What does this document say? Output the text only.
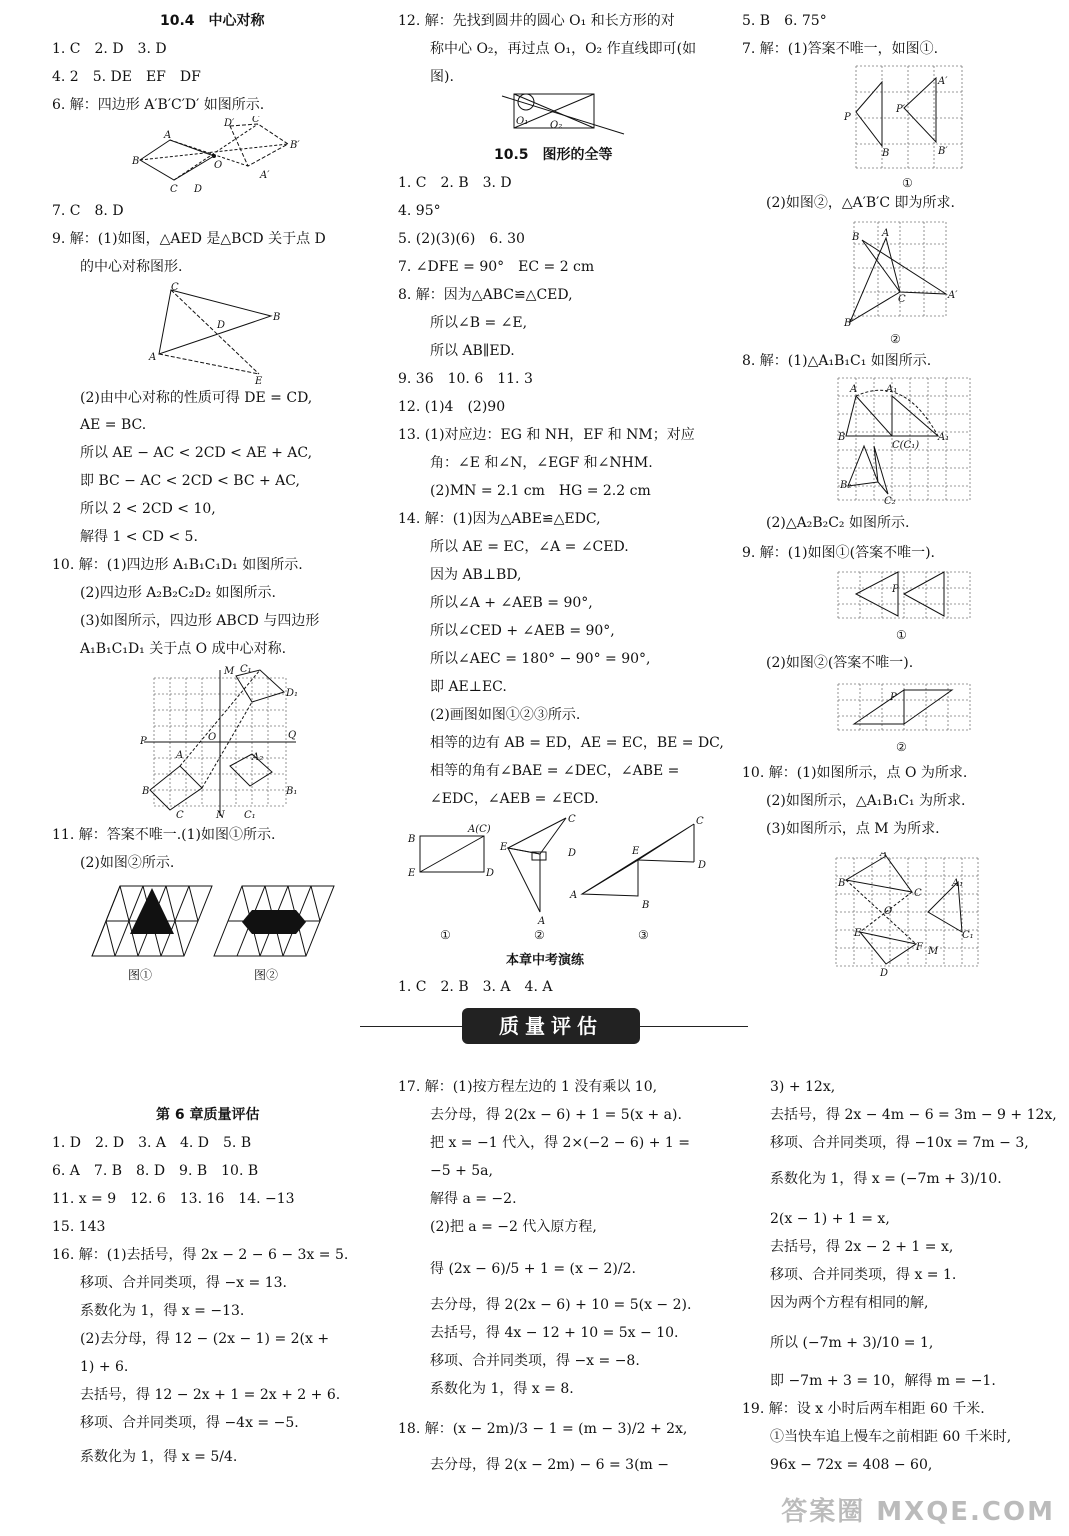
10.4　中心对称
1. C　2. D　3. D
4. 2　5. DE　EF　DF
6. 解：四边形 A′B′C′D′ 如图所示.
A
B
C D
D′ C
B′
A′
O
7. C　8. D
9. 解：(1)如图，△AED 是△BCD 关于点 D
的中心对称图形.
C
B
A
D
E
(2)由中心对称的性质可得 DE = CD,
AE = BC.
所以 AE − AC < 2CD < AE + AC,
即 BC − AC < 2CD < BC + AC,
所以 2 < 2CD < 10,
解得 1 < CD < 5.
10. 解：(1)四边形 A₁B₁C₁D₁ 如图所示.
(2)四边形 A₂B₂C₂D₂ 如图所示.
(3)如图所示，四边形 ABCD 与四边形
A₁B₁C₁D₁ 关于点 O 成中心对称.
M C₁
D₁
P
Q
O
A	A₂
B
C	N C₁
B₁
11. 解：答案不唯一.(1)如图①所示.
(2)如图②所示.
图①	图②
12. 解：先找到圆井的圆心 O₁ 和长方形的对
称中心 O₂，再过点 O₁，O₂ 作直线即可(如
图).
O₁ O₂
10.5　图形的全等
1. C　2. B　3. D
4. 95°
5. (2)(3)(6)　6. 30
7. ∠DFE = 90°　EC = 2 cm
8. 解：因为△ABC≌△CED,
所以∠B = ∠E,
所以 AB∥ED.
9. 36　10. 6　11. 3
12. (1)4　(2)90
13. (1)对应边：EG 和 NH，EF 和 NM；对应
角：∠E 和∠N，∠EGF 和∠NHM.
(2)MN = 2.1 cm　HG = 2.2 cm
14. 解：(1)因为△ABE≌△EDC,
所以 AE = EC，∠A = ∠CED.
因为 AB⊥BD,
所以∠A + ∠AEB = 90°,
所以∠CED + ∠AEB = 90°,
所以∠AEC = 180° − 90° = 90°,
即 AE⊥EC.
(2)画图如图①②③所示.
相等的边有 AB = ED，AE = EC，BE = DC,
相等的角有∠BAE = ∠DEC，∠ABE =
∠EDC，∠AEB = ∠ECD.
B
A(C)
E	D
E
C
D
A
E
C
D
A
B
①	②	③
本章中考演练
1. C　2. B　3. A　4. A
5. B　6. 75°
7. 解：(1)答案不唯一，如图①.
P
P′
A′
B	B′
①
(2)如图②，△A′B′C 即为所求.
B A
C	A′
B′
②
8. 解：(1)△A₁B₁C₁ 如图所示.
A	A₁
B	A₁
C(C₁)
B₂
C₂
(2)△A₂B₂C₂ 如图所示.
9. 解：(1)如图①(答案不唯一).
P
①
(2)如图②(答案不唯一).
P
②
10. 解：(1)如图所示，点 O 为所求.
(2)如图所示，△A₁B₁C₁ 为所求.
(3)如图所示，点 M 为所求.
A
B
C
A₁
O
C₁
E
F
D
M
质量评估
第 6 章质量评估
1. D　2. D　3. A　4. D　5. B
6. A　7. B　8. D　9. B　10. B
11. x = 9　12. 6　13. 16　14. −13
15. 143
16. 解：(1)去括号，得 2x − 2 − 6 − 3x = 5.
移项、合并同类项，得 −x = 13.
系数化为 1，得 x = −13.
(2)去分母，得 12 − (2x − 1) = 2(x +
1) + 6.
去括号，得 12 − 2x + 1 = 2x + 2 + 6.
移项、合并同类项，得 −4x = −5.
系数化为 1，得 x = 5/4.
17. 解：(1)按方程左边的 1 没有乘以 10,
去分母，得 2(2x − 6) + 1 = 5(x + a).
把 x = −1 代入，得 2×(−2 − 6) + 1 =
−5 + 5a,
解得 a = −2.
(2)把 a = −2 代入原方程,
得 (2x − 6)/5 + 1 = (x − 2)/2.
去分母，得 2(2x − 6) + 10 = 5(x − 2).
去括号，得 4x − 12 + 10 = 5x − 10.
移项、合并同类项，得 −x = −8.
系数化为 1，得 x = 8.
18. 解：(x − 2m)/3 − 1 = (m − 3)/2 + 2x,
去分母，得 2(x − 2m) − 6 = 3(m −
3) + 12x,
去括号，得 2x − 4m − 6 = 3m − 9 + 12x,
移项、合并同类项，得 −10x = 7m − 3,
系数化为 1，得 x = (−7m + 3)/10.
2(x − 1) + 1 = x,
去括号，得 2x − 2 + 1 = x,
移项、合并同类项，得 x = 1.
因为两个方程有相同的解,
所以 (−7m + 3)/10 = 1,
即 −7m + 3 = 10，解得 m = −1.
19. 解：设 x 小时后两车相距 60 千米.
①当快车追上慢车之前相距 60 千米时,
96x − 72x = 408 − 60,
答案圈 MXQE.COM
